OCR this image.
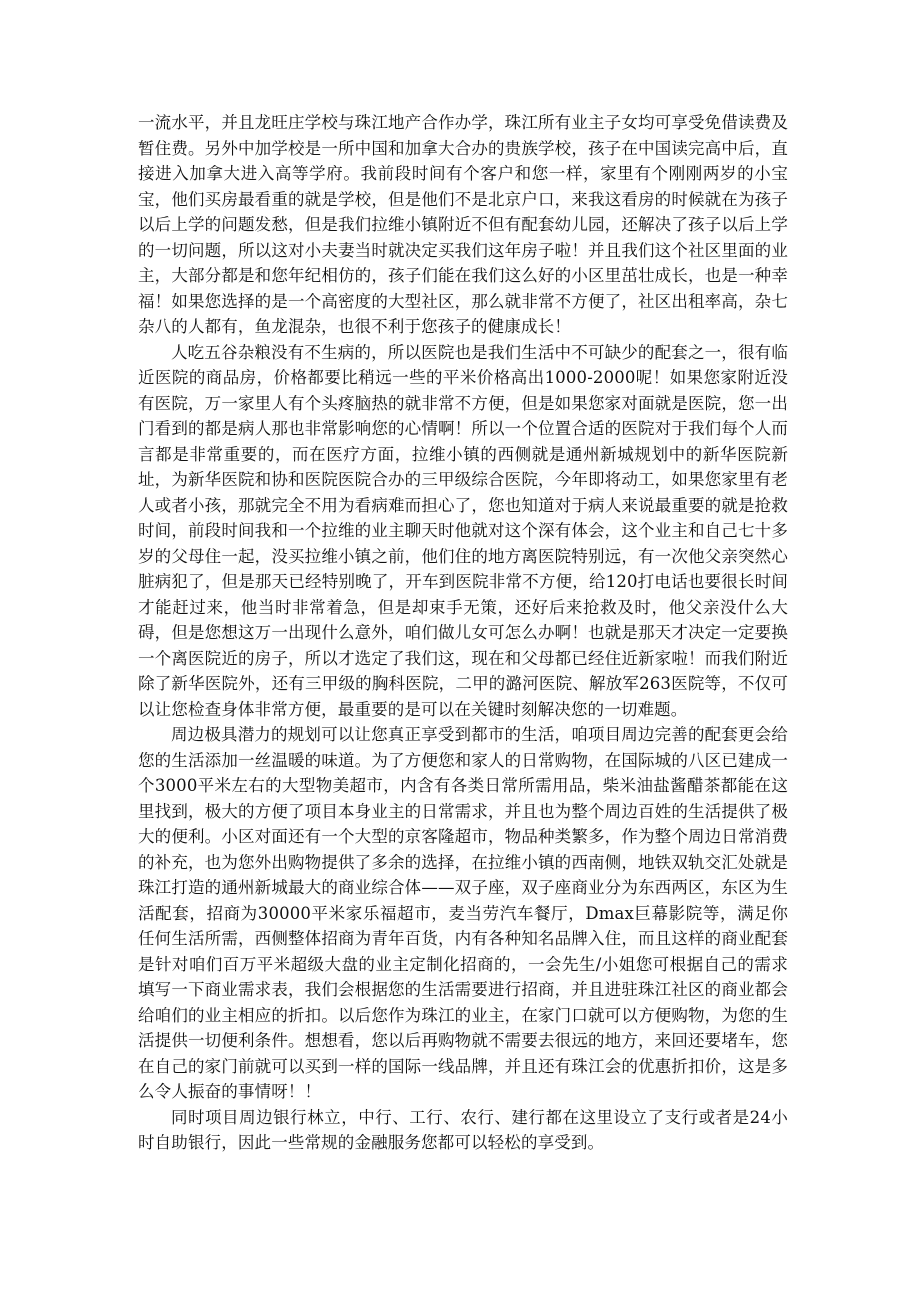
一流水平，并且龙旺庄学校与珠江地产合作办学，珠江所有业主子女均可享受免借读费及暂住费。另外中加学校是一所中国和加拿大合办的贵族学校，孩子在中国读完高中后，直接进入加拿大进入高等学府。我前段时间有个客户和您一样，家里有个刚刚两岁的小宝宝，他们买房最看重的就是学校，但是他们不是北京户口，来我这看房的时候就在为孩子以后上学的问题发愁，但是我们拉维小镇附近不但有配套幼儿园，还解决了孩子以后上学的一切问题，所以这对小夫妻当时就决定买我们这年房子啦！并且我们这个社区里面的业主，大部分都是和您年纪相仿的，孩子们能在我们这么好的小区里茁壮成长，也是一种幸福！如果您选择的是一个高密度的大型社区，那么就非常不方便了，社区出租率高，杂七杂八的人都有，鱼龙混杂，也很不利于您孩子的健康成长！

人吃五谷杂粮没有不生病的，所以医院也是我们生活中不可缺少的配套之一，很有临近医院的商品房，价格都要比稍远一些的平米价格高出1000-2000呢！如果您家附近没有医院，万一家里人有个头疼脑热的就非常不方便，但是如果您家对面就是医院，您一出门看到的都是病人那也非常影响您的心情啊！所以一个位置合适的医院对于我们每个人而言都是非常重要的，而在医疗方面，拉维小镇的西侧就是通州新城规划中的新华医院新址，为新华医院和协和医院医院合办的三甲级综合医院，今年即将动工，如果您家里有老人或者小孩，那就完全不用为看病难而担心了，您也知道对于病人来说最重要的就是抢救时间，前段时间我和一个拉维的业主聊天时他就对这个深有体会，这个业主和自己七十多岁的父母住一起，没买拉维小镇之前，他们住的地方离医院特别远，有一次他父亲突然心脏病犯了，但是那天已经特别晚了，开车到医院非常不方便，给120打电话也要很长时间才能赶过来，他当时非常着急，但是却束手无策，还好后来抢救及时，他父亲没什么大碍，但是您想这万一出现什么意外，咱们做儿女可怎么办啊！也就是那天才决定一定要换一个离医院近的房子，所以才选定了我们这，现在和父母都已经住近新家啦！而我们附近除了新华医院外，还有三甲级的胸科医院，二甲的潞河医院、解放军263医院等，不仅可以让您检查身体非常方便，最重要的是可以在关键时刻解决您的一切难题。

周边极具潜力的规划可以让您真正享受到都市的生活，咱项目周边完善的配套更会给您的生活添加一丝温暖的味道。为了方便您和家人的日常购物，在国际城的八区已建成一个3000平米左右的大型物美超市，内含有各类日常所需用品，柴米油盐酱醋茶都能在这里找到，极大的方便了项目本身业主的日常需求，并且也为整个周边百姓的生活提供了极大的便利。小区对面还有一个大型的京客隆超市，物品种类繁多，作为整个周边日常消费的补充，也为您外出购物提供了多余的选择，在拉维小镇的西南侧，地铁双轨交汇处就是珠江打造的通州新城最大的商业综合体——双子座，双子座商业分为东西两区，东区为生活配套，招商为30000平米家乐福超市，麦当劳汽车餐厅，Dmax巨幕影院等，满足你任何生活所需，西侧整体招商为青年百货，内有各种知名品牌入住，而且这样的商业配套是针对咱们百万平米超级大盘的业主定制化招商的，一会先生/小姐您可根据自己的需求填写一下商业需求表，我们会根据您的生活需要进行招商，并且进驻珠江社区的商业都会给咱们的业主相应的折扣。以后您作为珠江的业主，在家门口就可以方便购物，为您的生活提供一切便利条件。想想看，您以后再购物就不需要去很远的地方，来回还要堵车，您在自己的家门前就可以买到一样的国际一线品牌，并且还有珠江会的优惠折扣价，这是多么令人振奋的事情呀！！

同时项目周边银行林立，中行、工行、农行、建行都在这里设立了支行或者是24小时自助银行，因此一些常规的金融服务您都可以轻松的享受到。
